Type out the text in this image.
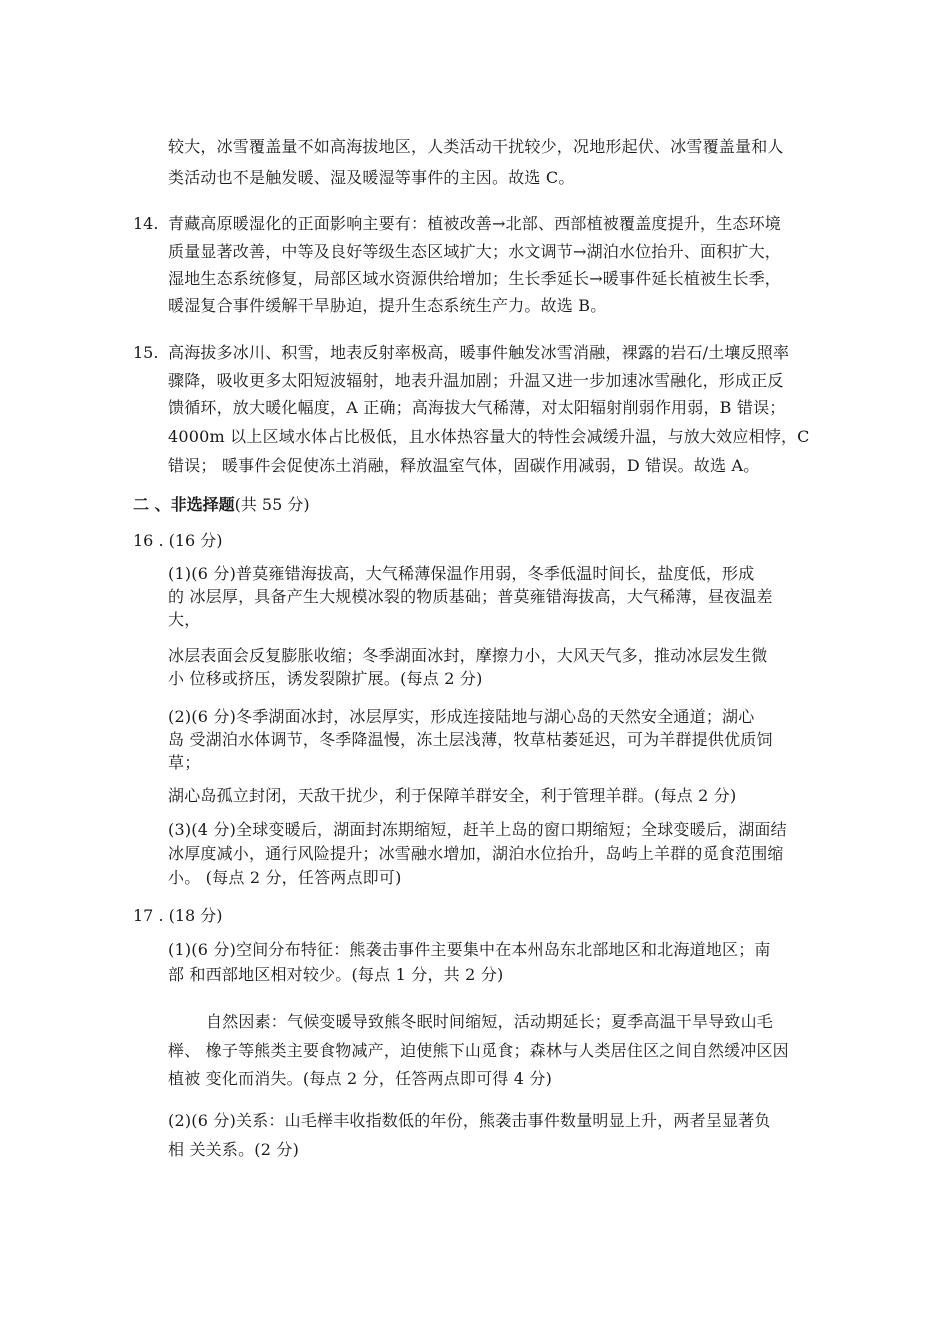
较大，冰雪覆盖量不如高海拔地区，人类活动干扰较少，况地形起伏、冰雪覆盖量和人
类活动也不是触发暖、湿及暖湿等事件的主因。故选 C。
14. 青藏高原暖湿化的正面影响主要有：植被改善→北部、西部植被覆盖度提升，生态环境
质量显著改善，中等及良好等级生态区域扩大；水文调节→湖泊水位抬升、面积扩大，
湿地生态系统修复，局部区域水资源供给增加；生长季延长→暖事件延长植被生长季，
暖湿复合事件缓解干旱胁迫，提升生态系统生产力。故选 B。
15. 高海拔多冰川、积雪，地表反射率极高，暖事件触发冰雪消融，裸露的岩石/土壤反照率
骤降，吸收更多太阳短波辐射，地表升温加剧；升温又进一步加速冰雪融化，形成正反
馈循环，放大暖化幅度，A 正确；高海拔大气稀薄，对太阳辐射削弱作用弱，B 错误；
4000m 以上区域水体占比极低，且水体热容量大的特性会减缓升温，与放大效应相悖，C
错误； 暖事件会促使冻土消融，释放温室气体，固碳作用减弱，D 错误。故选 A。
二 、非选择题(共 55 分)
16 . (16 分)
(1)(6 分)普莫雍错海拔高，大气稀薄保温作用弱，冬季低温时间长，盐度低，形成
的 冰层厚，具备产生大规模冰裂的物质基础；普莫雍错海拔高，大气稀薄，昼夜温差
大，
冰层表面会反复膨胀收缩；冬季湖面冰封，摩擦力小，大风天气多，推动冰层发生微
小 位移或挤压，诱发裂隙扩展。(每点 2 分)
(2)(6 分)冬季湖面冰封，冰层厚实，形成连接陆地与湖心岛的天然安全通道；湖心
岛 受湖泊水体调节，冬季降温慢，冻土层浅薄，牧草枯萎延迟，可为羊群提供优质饲
草；
湖心岛孤立封闭，天敌干扰少，利于保障羊群安全，利于管理羊群。(每点 2 分)
(3)(4 分)全球变暖后，湖面封冻期缩短，赶羊上岛的窗口期缩短；全球变暖后，湖面结
冰厚度减小，通行风险提升；冰雪融水增加，湖泊水位抬升，岛屿上羊群的觅食范围缩
小。 (每点 2 分，任答两点即可)
17 . (18 分)
(1)(6 分)空间分布特征：熊袭击事件主要集中在本州岛东北部地区和北海道地区；南
部 和西部地区相对较少。(每点 1 分，共 2 分)
自然因素：气候变暖导致熊冬眠时间缩短，活动期延长；夏季高温干旱导致山毛
榉、 橡子等熊类主要食物减产，迫使熊下山觅食；森林与人类居住区之间自然缓冲区因
植被 变化而消失。(每点 2 分，任答两点即可得 4 分)
(2)(6 分)关系：山毛榉丰收指数低的年份，熊袭击事件数量明显上升，两者呈显著负
相 关关系。(2 分)
